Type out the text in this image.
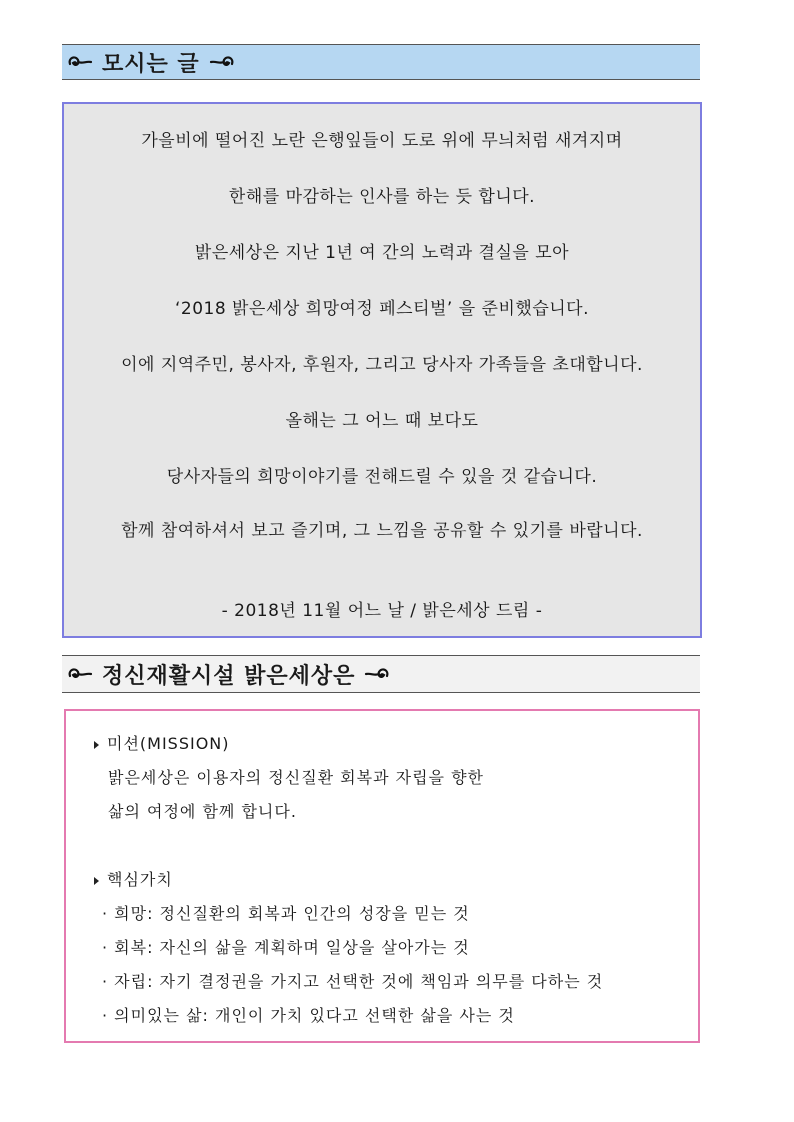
모시는 글
가을비에 떨어진 노란 은행잎들이 도로 위에 무늬처럼 새겨지며
한해를 마감하는 인사를 하는 듯 합니다.
밝은세상은 지난 1년 여 간의 노력과 결실을 모아
‘2018 밝은세상 희망여정 페스티벌’ 을 준비했습니다.
이에 지역주민, 봉사자, 후원자, 그리고 당사자 가족들을 초대합니다.
올해는 그 어느 때 보다도
당사자들의 희망이야기를 전해드릴 수 있을 것 같습니다.
함께 참여하셔서 보고 즐기며, 그 느낌을 공유할 수 있기를 바랍니다.
- 2018년 11월 어느 날 / 밝은세상 드림 -
정신재활시설 밝은세상은
미션(MISSION)
밝은세상은 이용자의 정신질환 회복과 자립을 향한
삶의 여정에 함께 합니다.
핵심가치
· 희망: 정신질환의 회복과 인간의 성장을 믿는 것
· 회복: 자신의 삶을 계획하며 일상을 살아가는 것
· 자립: 자기 결정권을 가지고 선택한 것에 책임과 의무를 다하는 것
· 의미있는 삶: 개인이 가치 있다고 선택한 삶을 사는 것
